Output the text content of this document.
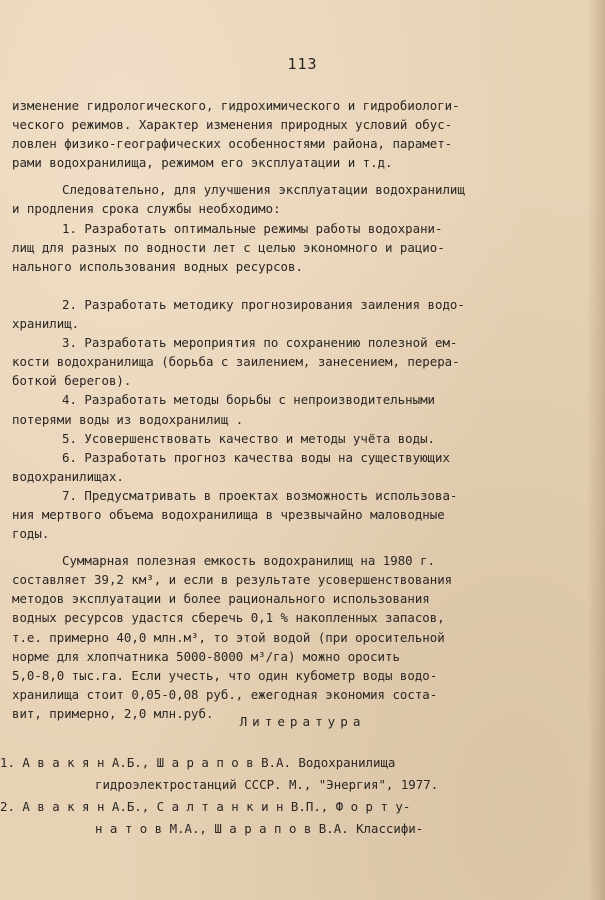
113
изменение гидрологического, гидрохимического и гидробиологи-
ческого режимов. Характер изменения природных условий обус-
ловлен физико-географических особенностями района, парамет-
рами водохранилища, режимом его эксплуатации и т.д.
Следовательно, для улучшения эксплуатации водохранилищ
и продления срока службы необходимо:
1. Разработать оптимальные режимы работы водохрани-
лищ для разных по водности лет с целью экономного и рацио-
нального использования водных ресурсов.
2. Разработать методику прогнозирования заиления водо-
хранилищ.
3. Разработать мероприятия по сохранению полезной ем-
кости водохранилища (борьба с заилением, занесением, перера-
боткой берегов).
4. Разработать методы борьбы с непроизводительными
потерями воды из водохранилищ .
5. Усовершенствовать качество и методы учёта воды.
6. Разработать прогноз качества воды на существующих
водохранилищах.
7. Предусматривать в проектах возможность использова-
ния мертвого объема водохранилища в чрезвычайно маловодные
годы.
Суммарная полезная емкость водохранилищ на 1980 г.
составляет 39,2 км³, и если в результате усовершенствования
методов эксплуатации и более рационального использования
водных ресурсов удастся сберечь 0,1 % накопленных запасов,
т.е. примерно 40,0 млн.м³, то этой водой (при оросительной
норме для хлопчатника 5000-8000 м³/га) можно оросить
5,0-8,0 тыс.га. Если учесть, что один кубометр воды водо-
хранилища стоит 0,05-0,08 руб., ежегодная экономия соста-
вит, примерно, 2,0 млн.руб.
Литература
1. А в а к я н А.Б., Ш а р а п о в В.А. Водохранилища
гидроэлектростанций СССР. М., "Энергия", 1977.
2. А в а к я н А.Б., С а л т а н к и н В.П., Ф о р т у-
н а т о в М.А., Ш а р а п о в В.А. Классифи-
